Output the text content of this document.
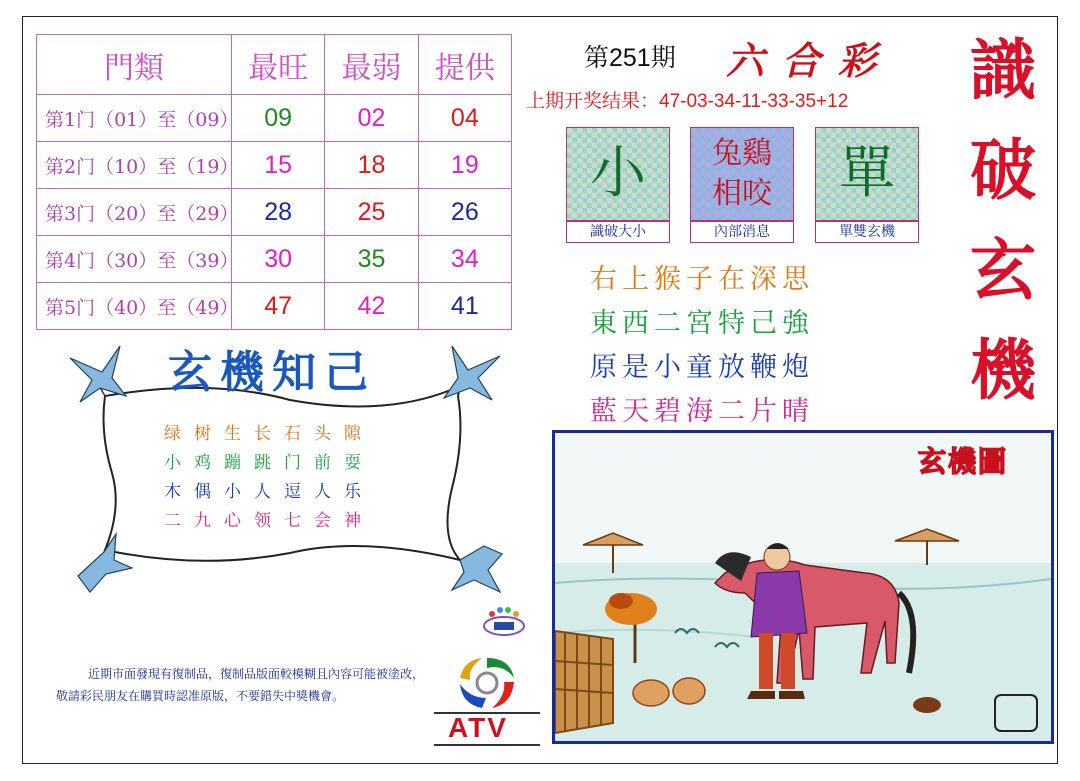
門類	最旺	最弱	提供
第1门（01）至（09）	09	02	04
第2门（10）至（19）	15	18	19
第3门（20）至（29）	28	25	26
第4门（30）至（39）	30	35	34
第5门（40）至（49）	47	42	41
第251期 六合彩
上期开奖结果：47-03-34-11-33-35+12 識
破
玄
機
小
識破大小
兔鷄相咬
內部消息
單
單雙玄機
右上猴子在深思
東西二宮特己強
原是小童放鞭炮
藍天碧海二片晴
玄機知己
绿树生长石头隙
小鸡蹦跳门前耍
木偶小人逗人乐
二九心领七会神
近期市面發現有復制品，復制品版面較模糊且內容可能被塗改，敬請彩民朋友在購買時認准原版，不要錯失中獎機會。
ATV
玄機圖
